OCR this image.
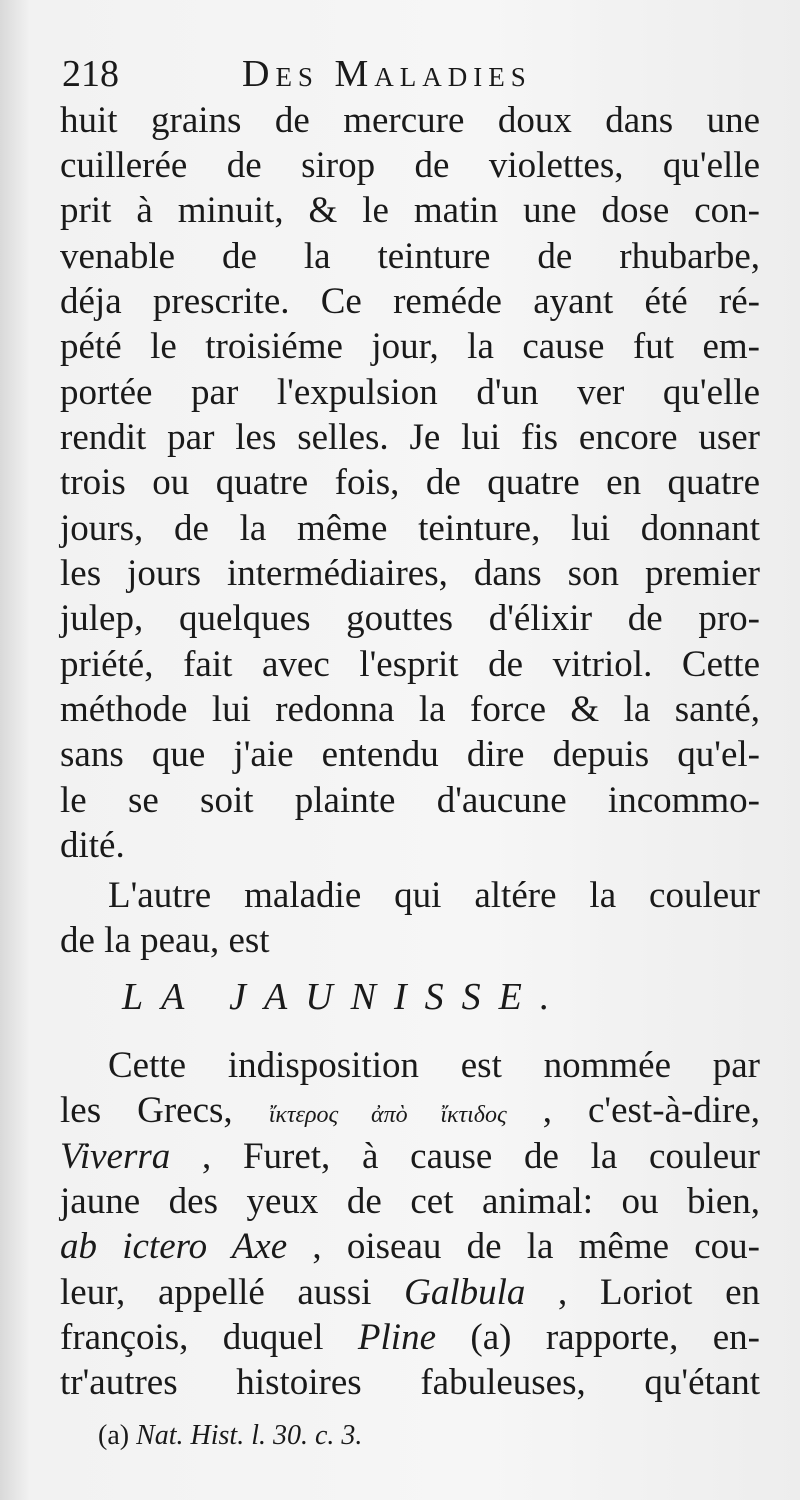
218	Des Maladies
huit grains de mercure doux dans une
cuillerée de sirop de violettes, qu'elle
prit à minuit, & le matin une dose con-
venable de la teinture de rhubarbe,
déja prescrite. Ce reméde ayant été ré-
pété le troisiéme jour, la cause fut em-
portée par l'expulsion d'un ver qu'elle
rendit par les selles. Je lui fis encore user
trois ou quatre fois, de quatre en quatre
jours, de la même teinture, lui donnant
les jours intermédiaires, dans son premier
julep, quelques gouttes d'élixir de pro-
priété, fait avec l'esprit de vitriol. Cette
méthode lui redonna la force & la santé,
sans que j'aie entendu dire depuis qu'el-
le se soit plainte d'aucune incommo-
dité.
L'autre maladie qui altére la couleur
de la peau, est
Cette indisposition est nommée par
les Grecs, ἴκτερος ἀπὸ ἴκτιδος , c'est-à-dire,
Viverra , Furet, à cause de la couleur
jaune des yeux de cet animal: ou bien,
ab ictero Axe , oiseau de la même cou-
leur, appellé aussi Galbula , Loriot en
françois, duquel Pline (a) rapporte, en-
tr'autres histoires fabuleuses, qu'étant
LA JAUNISSE.
(a) Nat. Hist. l. 30. c. 3.
